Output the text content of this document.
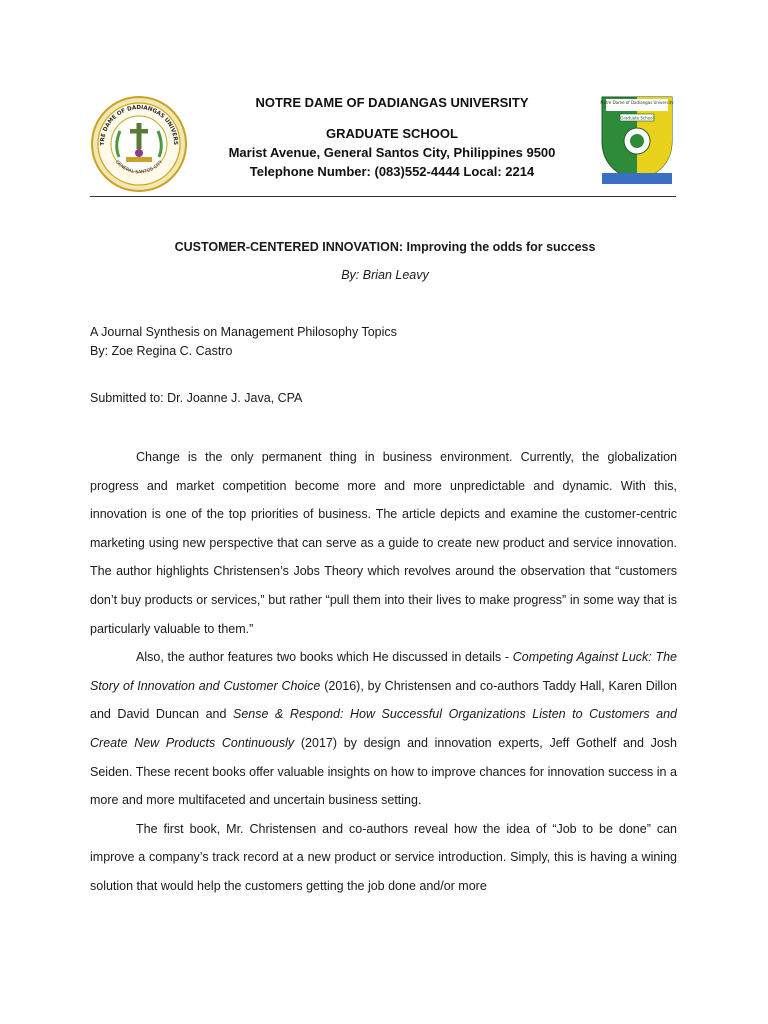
TRE DAME OF DADIANGAS UNIVERS
GENERAL SANTOS CITY
NOTRE DAME OF DADIANGAS UNIVERSITY
GRADUATE SCHOOL
Marist Avenue, General Santos City, Philippines 9500
Telephone Number: (083)552-4444 Local: 2214
Notre Dame of Dadiangas University
Graduate School
CUSTOMER-CENTERED INNOVATION: Improving the odds for success
By: Brian Leavy
A Journal Synthesis on Management Philosophy Topics
By: Zoe Regina C. Castro
Submitted to: Dr. Joanne J. Java, CPA

Change is the only permanent thing in business environment. Currently, the globalization progress and market competition become more and more unpredictable and dynamic. With this, innovation is one of the top priorities of business. The article depicts and examine the customer-centric marketing using new perspective that can serve as a guide to create new product and service innovation. The author highlights Christensen’s Jobs Theory which revolves around the observation that “customers don’t buy products or services,” but rather “pull them into their lives to make progress” in some way that is particularly valuable to them.”

Also, the author features two books which He discussed in details - Competing Against Luck: The Story of Innovation and Customer Choice (2016), by Christensen and co-authors Taddy Hall, Karen Dillon and David Duncan and Sense & Respond: How Successful Organizations Listen to Customers and Create New Products Continuously (2017) by design and innovation experts, Jeff Gothelf and Josh Seiden. These recent books offer valuable insights on how to improve chances for innovation success in a more and more multifaceted and uncertain business setting.

The first book, Mr. Christensen and co-authors reveal how the idea of “Job to be done” can improve a company’s track record at a new product or service introduction. Simply, this is having a wining solution that would help the customers getting the job done and/or more
